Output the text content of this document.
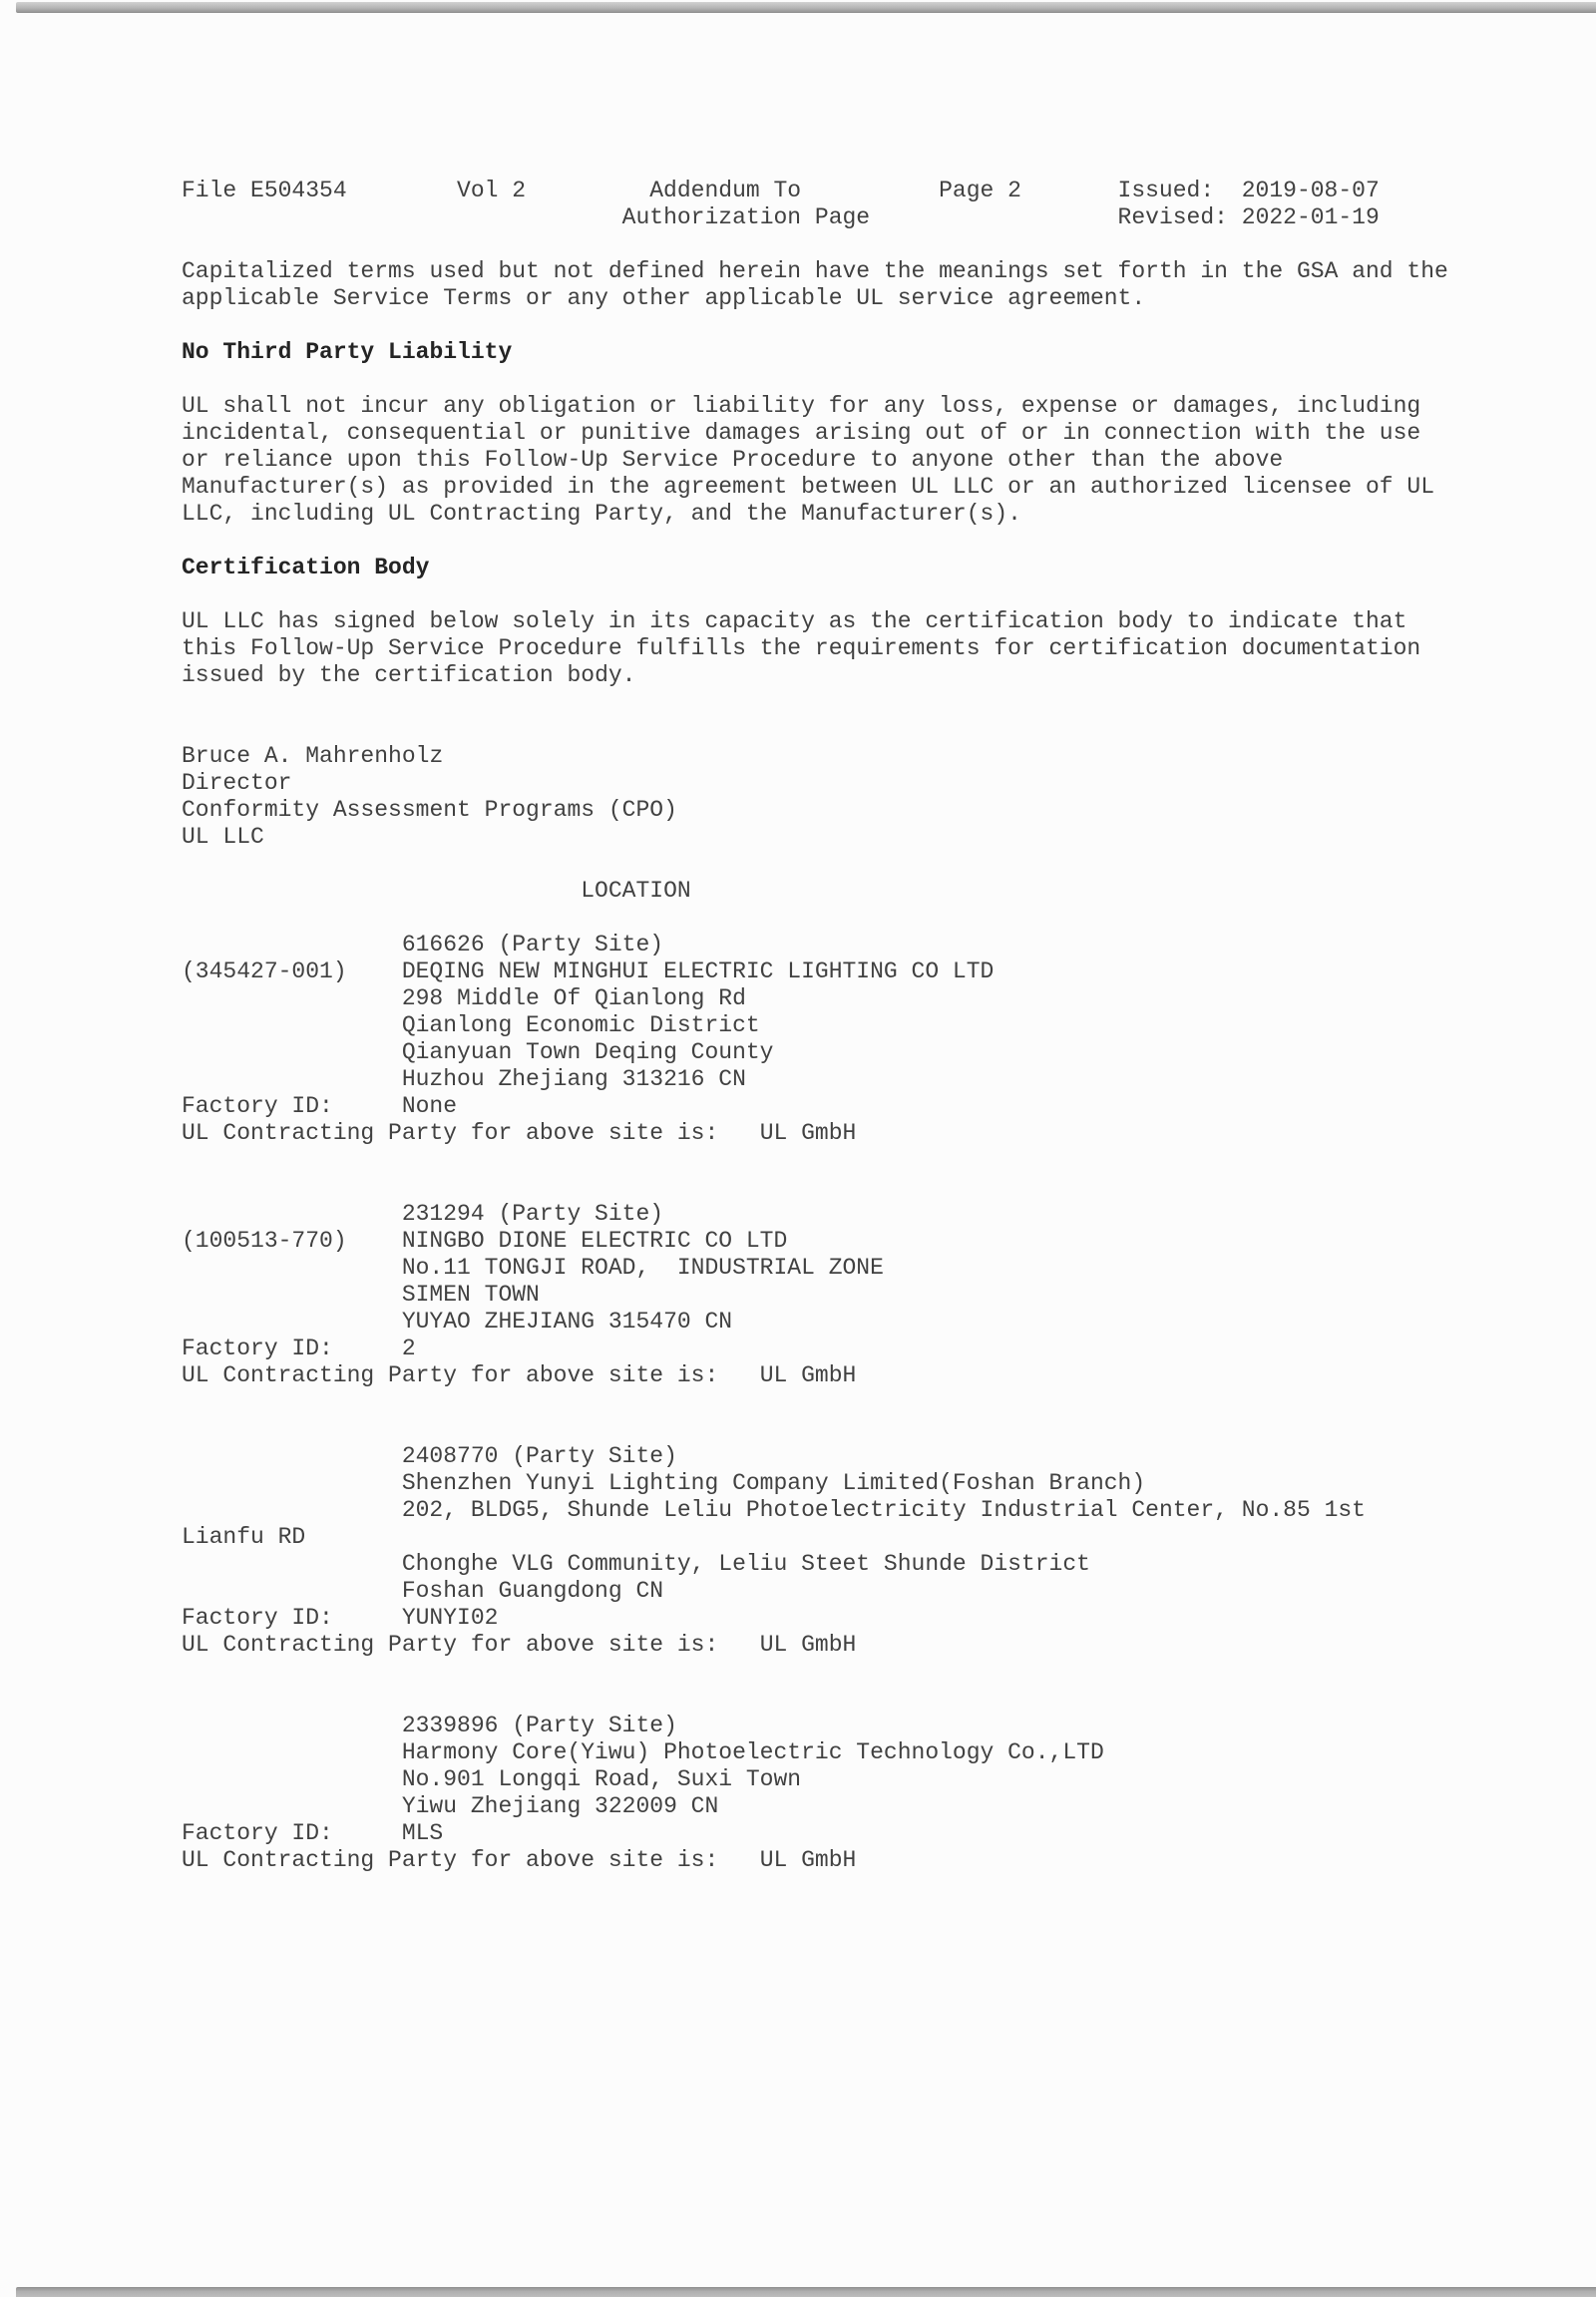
File E504354	Vol 2	Addendum To	Page 2	Issued: 2019-08-07
Authorization Page	Revised: 2022-01-19
Capitalized terms used but not defined herein have the meanings set forth in the GSA and the
applicable Service Terms or any other applicable UL service agreement.
No Third Party Liability
UL shall not incur any obligation or liability for any loss, expense or damages, including
incidental, consequential or punitive damages arising out of or in connection with the use
or reliance upon this Follow-Up Service Procedure to anyone other than the above
Manufacturer(s) as provided in the agreement between UL LLC or an authorized licensee of UL
LLC, including UL Contracting Party, and the Manufacturer(s).
Certification Body
UL LLC has signed below solely in its capacity as the certification body to indicate that
this Follow-Up Service Procedure fulfills the requirements for certification documentation
issued by the certification body.
Bruce A. Mahrenholz
Director
Conformity Assessment Programs (CPO)
UL LLC
LOCATION
616626 (Party Site)
(345427-001) DEQING NEW MINGHUI ELECTRIC LIGHTING CO LTD
298 Middle Of Qianlong Rd
Qianlong Economic District
Qianyuan Town Deqing County
Huzhou Zhejiang 313216 CN
Factory ID:	None
UL Contracting Party for above site is: UL GmbH
231294 (Party Site)
(100513-770) NINGBO DIONE ELECTRIC CO LTD
No.11 TONGJI ROAD,  INDUSTRIAL ZONE
SIMEN TOWN
YUYAO ZHEJIANG 315470 CN
Factory ID:	2
UL Contracting Party for above site is: UL GmbH
2408770 (Party Site)
Shenzhen Yunyi Lighting Company Limited(Foshan Branch)
202, BLDG5, Shunde Leliu Photoelectricity Industrial Center, No.85 1st
Lianfu RD
Chonghe VLG Community, Leliu Steet Shunde District
Foshan Guangdong CN
Factory ID:	YUNYI02
UL Contracting Party for above site is: UL GmbH
2339896 (Party Site)
Harmony Core(Yiwu) Photoelectric Technology Co.,LTD
No.901 Longqi Road, Suxi Town
Yiwu Zhejiang 322009 CN
Factory ID:	MLS
UL Contracting Party for above site is: UL GmbH
